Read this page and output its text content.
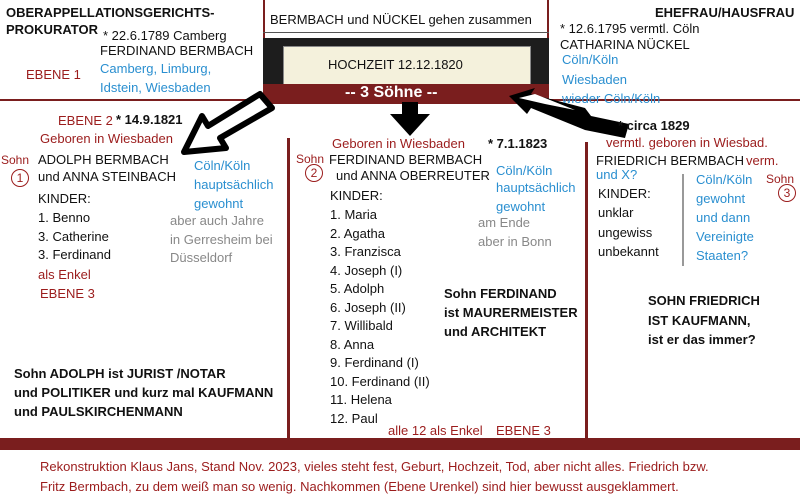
HOCHZEIT 12.12.1820
-- 3 Söhne --
OBERAPPELLATIONSGERICHTS-
PROKURATOR
BERMBACH und NÜCKEL gehen zusammen	EHEFRAU/HAUSFRAU
* 22.6.1789 Camberg
FERDINAND BERMBACH
Camberg, Limburg,
Idstein, Wiesbaden
EBENE 1
* 12.6.1795 vermtl. Cöln
CATHARINA NÜCKEL
Cöln/Köln
Wiesbaden
wieder Cöln/Köln
EBENE 2 * 14.9.1821
Geboren in Wiesbaden
Sohn
1
ADOLPH BERMBACH
und ANNA STEINBACH
Cöln/Köln
hauptsächlich
gewohnt
KINDER:
1. Benno
3. Catherine
3. Ferdinand
als Enkel
EBENE 3
aber auch Jahre
in Gerresheim bei
Düsseldorf
Sohn ADOLPH ist JURIST /NOTAR
und POLITIKER und kurz mal KAUFMANN
und PAULSKIRCHENMANN
Geboren in Wiesbaden * 7.1.1823
Sohn FERDINAND BERMBACH
2	und ANNA OBERREUTER Cöln/Köln
hauptsächlich
gewohnt
KINDER:
1. Maria
2. Agatha
3. Franzisca
4. Joseph (I)
5. Adolph
6. Joseph (II)
7. Willibald
8. Anna
9. Ferdinand (I)
10. Ferdinand (II)
11. Helena
12. Paul
alle 12 als Enkel EBENE 3
am Ende
aber in Bonn
Sohn FERDINAND
ist MAURERMEISTER
und ARCHITEKT
* circa 1829
vermtl. geboren in Wiesbad.
FRIEDRICH BERMBACH verm.
und X?	Sohn
3
KINDER:
unklar
ungewiss
unbekannt
Cöln/Köln
gewohnt
und dann
Vereinigte
Staaten?
SOHN FRIEDRICH
IST KAUFMANN,
ist er das immer?
Rekonstruktion Klaus Jans, Stand Nov. 2023, vieles steht fest, Geburt, Hochzeit, Tod, aber nicht alles. Friedrich bzw.
Fritz Bermbach, zu dem weiß man so wenig. Nachkommen (Ebene Urenkel) sind hier bewusst ausgeklammert.
